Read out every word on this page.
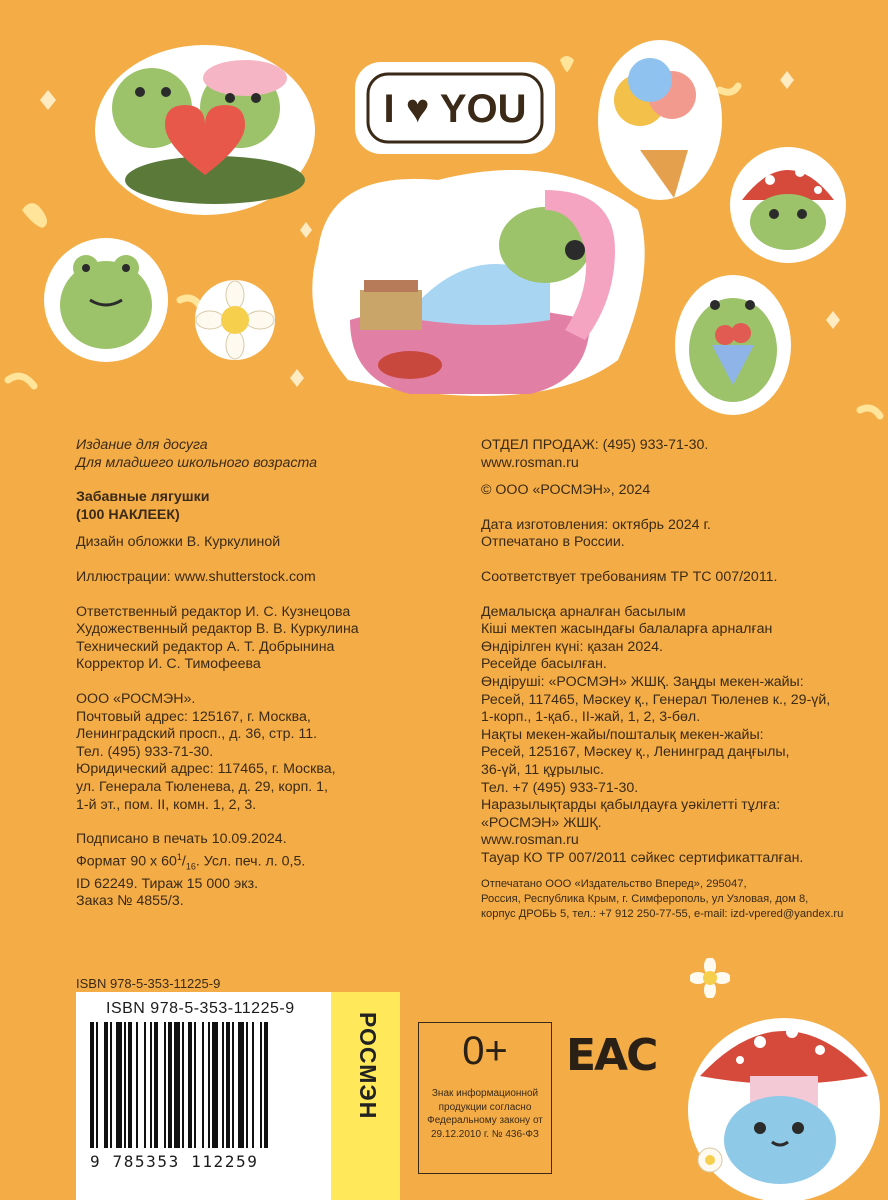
I ♥ YOU

Издание для досуга

Для младшего школьного возраста

Забавные лягушки

(100 НАКЛЕЕК)

Дизайн обложки В. Куркулиной

Иллюстрации: www.shutterstock.com

Ответственный редактор И. С. Кузнецова

Художественный редактор В. В. Куркулина

Технический редактор А. Т. Добрынина

Корректор И. С. Тимофеева

ООО «РОСМЭН».

Почтовый адрес: 125167, г. Москва,

Ленинградский просп., д. 36, стр. 11.

Тел. (495) 933-71-30.

Юридический адрес: 117465, г. Москва,

ул. Генерала Тюленева, д. 29, корп. 1,

1-й эт., пом. II, комн. 1, 2, 3.

Подписано в печать 10.09.2024.

Формат 90 х $60^1/_{16}$. Усл. печ. л. 0,5.

ID 62249. Тираж 15 000 экз.

Заказ № 4855/3.

ОТДЕЛ ПРОДАЖ: (495) 933-71-30.

www.rosman.ru

© ООО «РОСМЭН», 2024

Дата изготовления: октябрь 2024 г.

Отпечатано в России.

Соответствует требованиям ТР ТС 007/2011.

Демалысқа арналған басылым

Кіші мектеп жасындағы балаларға арналған

Өндірілген күні: қазан 2024.

Ресейде басылған.

Өндіруші: «РОСМЭН» ЖШҚ. Заңды мекен-жайы:

Ресей, 117465, Мәскеу қ., Генерал Тюленев к., 29-үй,

1-корп., 1-қаб., II-жай, 1, 2, 3-бөл.

Нақты мекен-жайы/пошталық мекен-жайы:

Ресей, 125167, Мәскеу қ., Ленинград даңғылы,

36-үй, 11 құрылыс.

Тел. +7 (495) 933-71-30.

Наразылықтарды қабылдауға уәкілетті тұлға:

«РОСМЭН» ЖШҚ.

www.rosman.ru

Тауар КО ТР 007/2011 сәйкес сертификатталған.

Отпечатано ООО «Издательство Вперед», 295047,

Россия, Республика Крым, г. Симферополь, ул Узловая, дом 8,

корпус ДРОБЬ 5, тел.: +7 912 250-77-55, e-mail: izd-vpered@yandex.ru

ISBN 978-5-353-11225-9
ISBN 978-5-353-11225-9
9 785353 112259
РОСМЭН	0+
Знак информационной продукции согласно Федеральному закону от 29.12.2010 г. № 436-ФЗ
EAC
